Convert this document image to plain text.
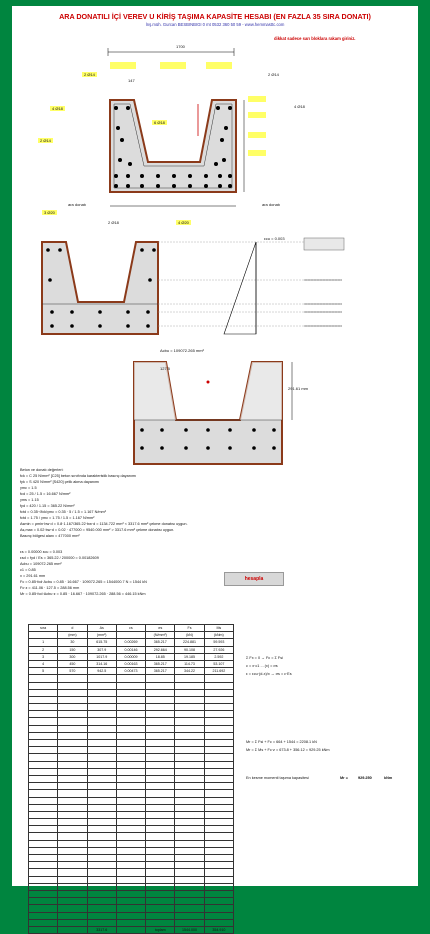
ARA DONATILI İÇİ VEREV U KİRİŞ TAŞIMA KAPASİTE HESABI (EN FAZLA 35 SIRA DONATI)
İnş.müh. Gurcan BESBINBIGI 0 mt 0532 360 50 59 - www.hemmasttc.com
dikkat sadece sarı bloklara rakam giriniz.
2 Ø14
4 Ø18
2 Ø14
6 Ø18
3 Ø20
4 Ø20
2 Ø18
2 Ø14
4 Ø18
1700
147
ara donatı	ara donatı
εcu = 0.003
Acbu = 109072.265 mm²
127.5
291.61 mm
Beton ve donatı değerleri:
fck = C 25 N/mm² [C25] beton sınıfında karakteristik basınç dayanımı
fyk = S 420 N/mm² [S420] çelik akma dayanımı
γmc = 1.5
fcd = 25 / 1.5 = 16.667 N/mm²
γms = 1.15
fyd = 420 / 1.15 = 365.22 N/mm²
fctd = 0.35·√fck/γmc = 0.35 · 5 / 1.5 = 1.167 N/mm²
fctd = 1.75 / γmc = 1.75 / 1.5 = 1.167 N/mm²
Asmin = ρmin·bw·d = 0.8·1.167/365.22·bw·d = 1134.722 mm² < 3317.6 mm² çekme donatısı uygun.
As,max = 0.02·bw·d = 0.02 · 477000 = 9540.000 mm² > 3317.6 mm² çekme donatısı uygun.
Basınç bölgesi alanı = 477000 mm²
εs = 0.00000 εcu = 0.003
εsd = fyd / Es = 365.22 / 200000 = 0.00182609
Acbu = 109072.265 mm²
c1 = 0.85
x = 291.61 mm
Fc = 0.85·fcd·Acbu = 0.85 · 16.667 · 109072.265 = 1544000.7 N = 1544 kN
Fc·z = 411.06 · 127.5 = 288.56 mm
Mr = 0.85·fcd·Acbu·z = 0.85 · 16.667 · 109072.265 · 288.56 = 446.15 kNm
hesapla
sıra	d	As	εs	σs	Fs	Ms
	(mm)	(mm²)		(N/mm²)	(kN)	(kNm)
1	30	615.75	0.00269	365.217	224.881	59.593
2	150	307.9	0.00146	292.664	90.108	27.926
3	300	1017.9	0.00009	18.85	19.185	2.592
4	450	314.16	0.00163	365.217	114.73	53.107
5	570	942.5	0.00473	365.217	344.22	211.692

		3317.6		toplam	1544.000	354.910
Σ Fx = 0 → Fc = Σ Fsi
c = x·c1 ... (x) = σs
ε = εcu·(d-x)/x → σs = ε·Es
Mr = Σ Fsi + Fc = 664 + 1544 = 2208.1 kN
Mr = Σ Ms + Fc·z = 673.8 + 356.12 = 929.25 kNm
En kesme momenti taşıma kapasitesi	Mr =	929.250	kNm
